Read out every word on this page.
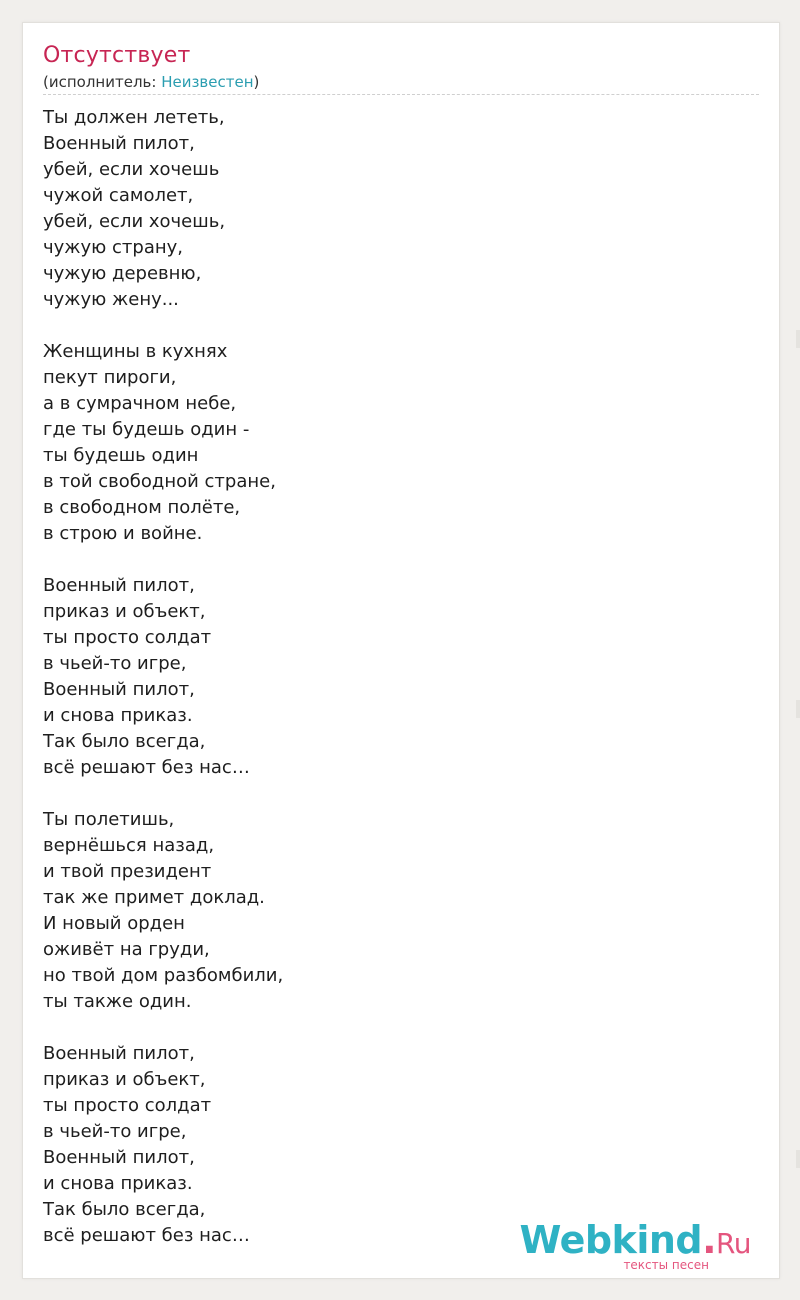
Отсутствует
(исполнитель: Неизвестен)
Ты должен лететь,
Военный пилот,
убей, если хочешь
чужой самолет,
убей, если хочешь,
чужую страну,
чужую деревню,
чужую жену...
Женщины в кухнях
пекут пироги,
а в сумрачном небе,
где ты будешь один -
ты будешь один
в той свободной стране,
в свободном полёте,
в строю и войне.
Военный пилот,
приказ и объект,
ты просто солдат
в чьей-то игре,
Военный пилот,
и снова приказ.
Так было всегда,
всё решают без нас…
Ты полетишь,
вернёшься назад,
и твой президент
так же примет доклад.
И новый орден
оживёт на груди,
но твой дом разбомбили,
ты также один.
Военный пилот,
приказ и объект,
ты просто солдат
в чьей-то игре,
Военный пилот,
и снова приказ.
Так было всегда,
всё решают без нас…	Webkind.Ru
тексты песен
